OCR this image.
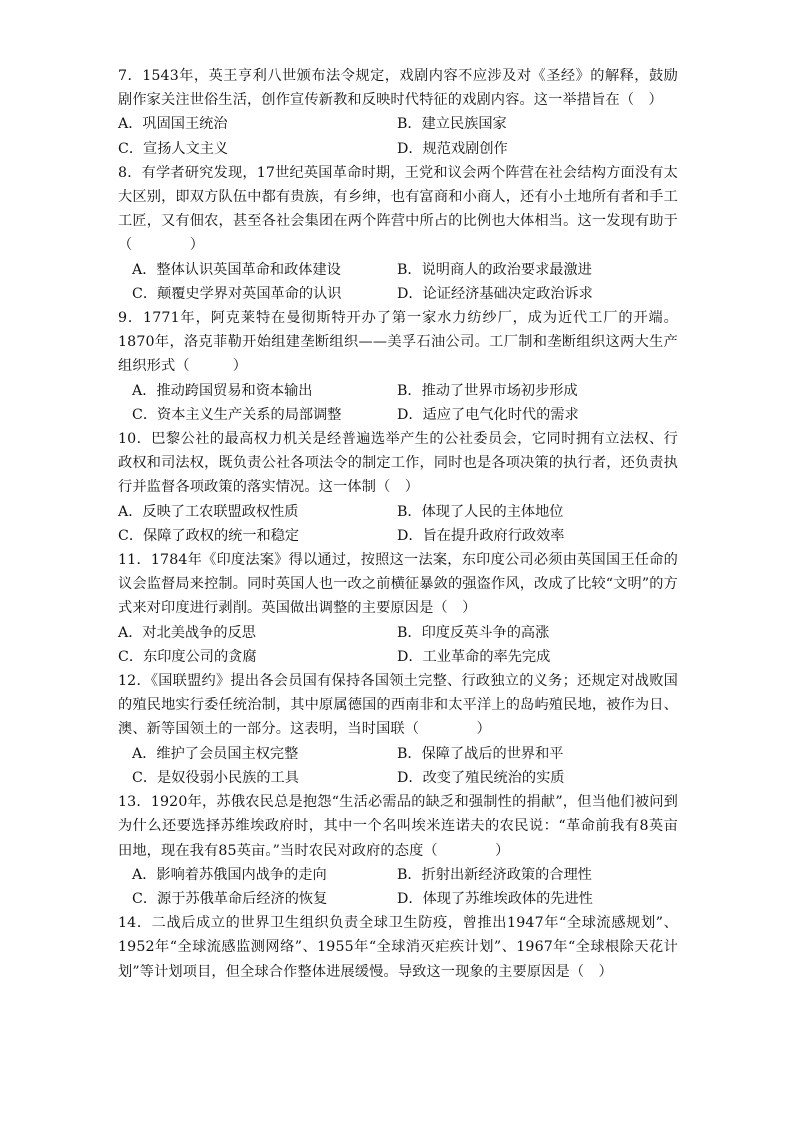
7．1543年，英王亨利八世颁布法令规定，戏剧内容不应涉及对《圣经》的解释，鼓励剧作家关注世俗生活，创作宣传新教和反映时代特征的戏剧内容。这一举措旨在（　）

A．巩固国王统治	B．建立民族国家
C．宣扬人文主义	D．规范戏剧创作

8．有学者研究发现，17世纪英国革命时期，王党和议会两个阵营在社会结构方面没有太大区别，即双方队伍中都有贵族，有乡绅，也有富商和小商人，还有小土地所有者和手工工匠，又有佃农，甚至各社会集团在两个阵营中所占的比例也大体相当。这一发现有助于（　　　　）

A．整体认识英国革命和政体建设	B．说明商人的政治要求最激进
C．颠覆史学界对英国革命的认识	D．论证经济基础决定政治诉求

9．1771年，阿克莱特在曼彻斯特开办了第一家水力纺纱厂，成为近代工厂的开端。1870年，洛克菲勒开始组建垄断组织——美孚石油公司。工厂制和垄断组织这两大生产组织形式（　　　）

A．推动跨国贸易和资本输出	B．推动了世界市场初步形成
C．资本主义生产关系的局部调整	D．适应了电气化时代的需求

10．巴黎公社的最高权力机关是经普遍选举产生的公社委员会，它同时拥有立法权、行政权和司法权，既负责公社各项法令的制定工作，同时也是各项决策的执行者，还负责执行并监督各项政策的落实情况。这一体制（　）

A．反映了工农联盟政权性质	B．体现了人民的主体地位
C．保障了政权的统一和稳定	D．旨在提升政府行政效率

11．1784年《印度法案》得以通过，按照这一法案，东印度公司必须由英国国王任命的议会监督局来控制。同时英国人也一改之前横征暴敛的强盗作风，改成了比较“文明”的方式来对印度进行剥削。英国做出调整的主要原因是（　）

A．对北美战争的反思	B．印度反英斗争的高涨
C．东印度公司的贪腐	D．工业革命的率先完成

12．《国联盟约》提出各会员国有保持各国领土完整、行政独立的义务；还规定对战败国的殖民地实行委任统治制，其中原属德国的西南非和太平洋上的岛屿殖民地，被作为日、澳、新等国领土的一部分。这表明，当时国联（　　　　）

A．维护了会员国主权完整	B．保障了战后的世界和平
C．是奴役弱小民族的工具	D．改变了殖民统治的实质

13．1920年，苏俄农民总是抱怨“生活必需品的缺乏和强制性的捐献”，但当他们被问到为什么还要选择苏维埃政府时，其中一个名叫埃米连诺夫的农民说：“革命前我有8英亩田地，现在我有85英亩。”当时农民对政府的态度（　　　　）

A．影响着苏俄国内战争的走向	B．折射出新经济政策的合理性
C．源于苏俄革命后经济的恢复	D．体现了苏维埃政体的先进性

14．二战后成立的世界卫生组织负责全球卫生防疫，曾推出1947年“全球流感规划”、1952年“全球流感监测网络”、1955年“全球消灭疟疾计划”、1967年“全球根除天花计划”等计划项目，但全球合作整体进展缓慢。导致这一现象的主要原因是（　）
